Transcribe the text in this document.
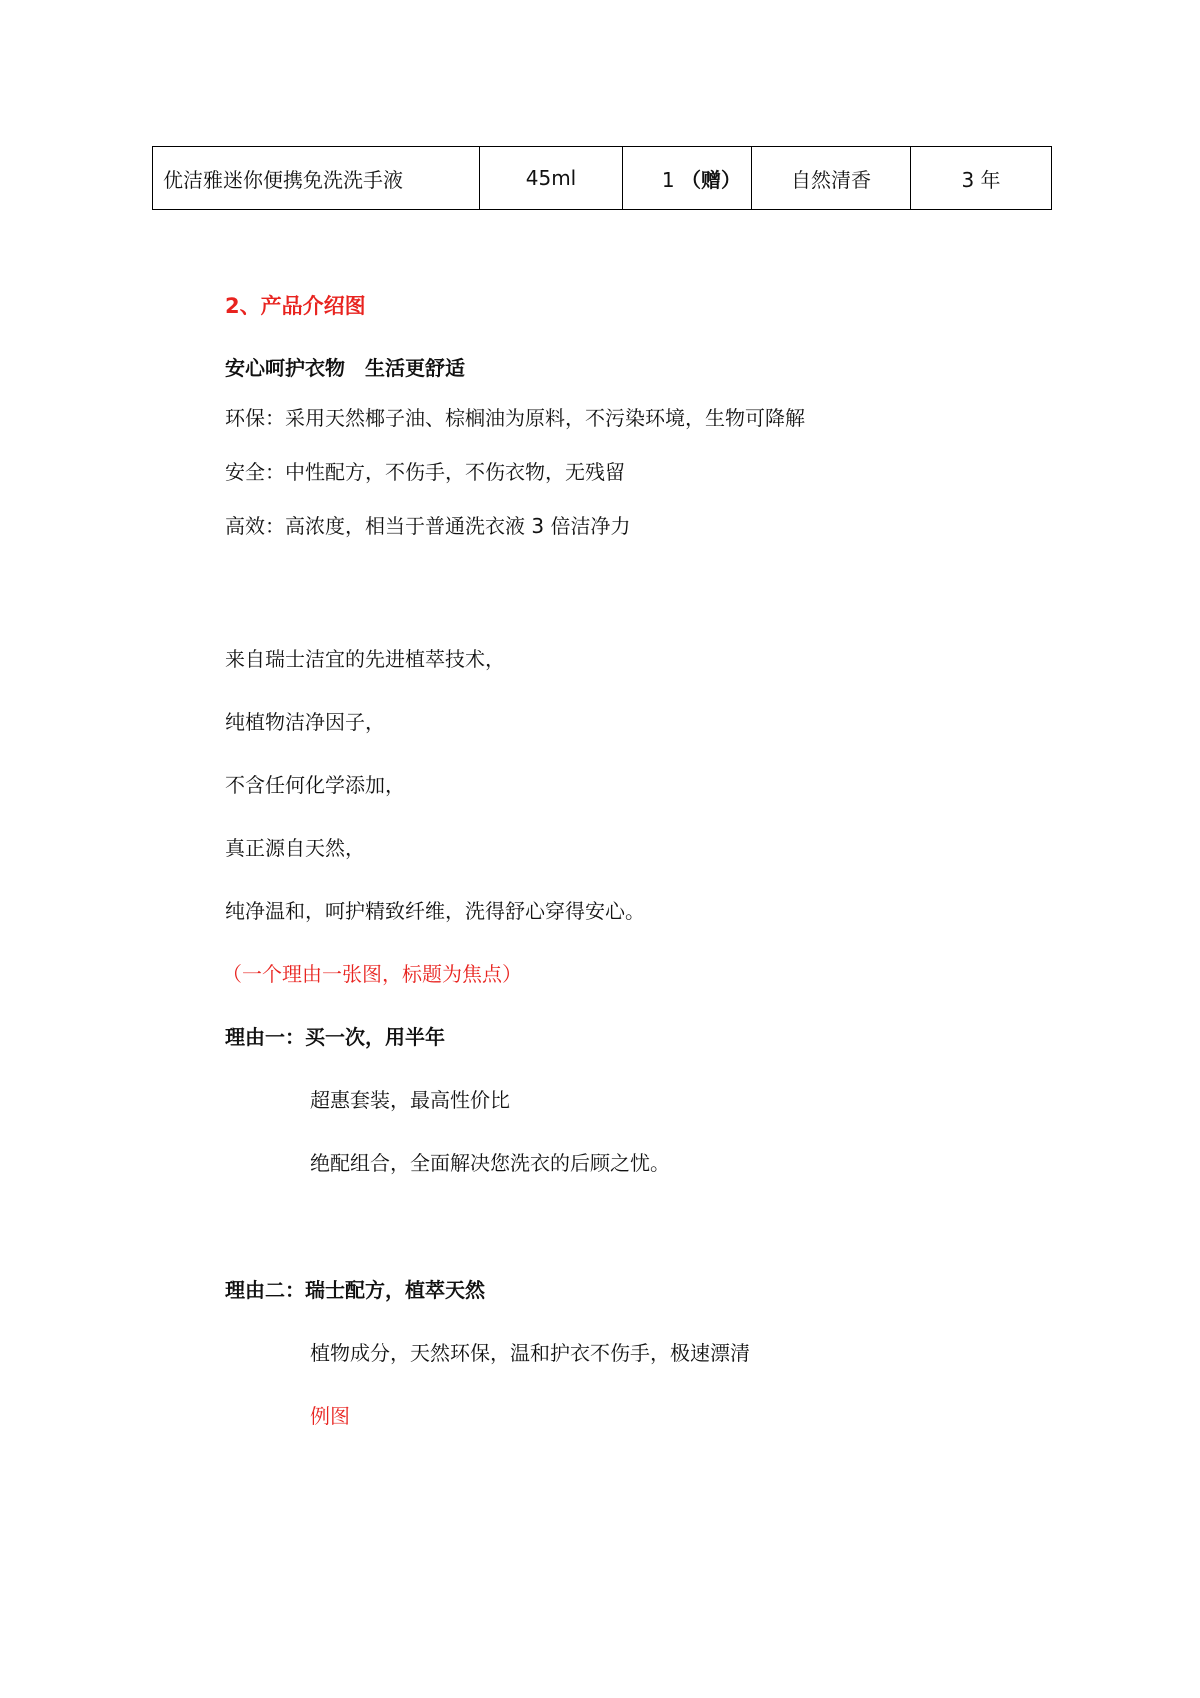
优洁雅迷你便携免洗洗手液	45ml	1 （赠）	自然清香	3 年
2、产品介绍图
安心呵护衣物　生活更舒适
环保：采用天然椰子油、棕榈油为原料，不污染环境，生物可降解
安全：中性配方，不伤手，不伤衣物，无残留
高效：高浓度，相当于普通洗衣液 3 倍洁净力
来自瑞士洁宜的先进植萃技术，
纯植物洁净因子，
不含任何化学添加，
真正源自天然，
纯净温和，呵护精致纤维，洗得舒心穿得安心。
（一个理由一张图，标题为焦点）
理由一：买一次，用半年
超惠套装，最高性价比
绝配组合，全面解决您洗衣的后顾之忧。
理由二：瑞士配方，植萃天然
植物成分，天然环保，温和护衣不伤手，极速漂清
例图
